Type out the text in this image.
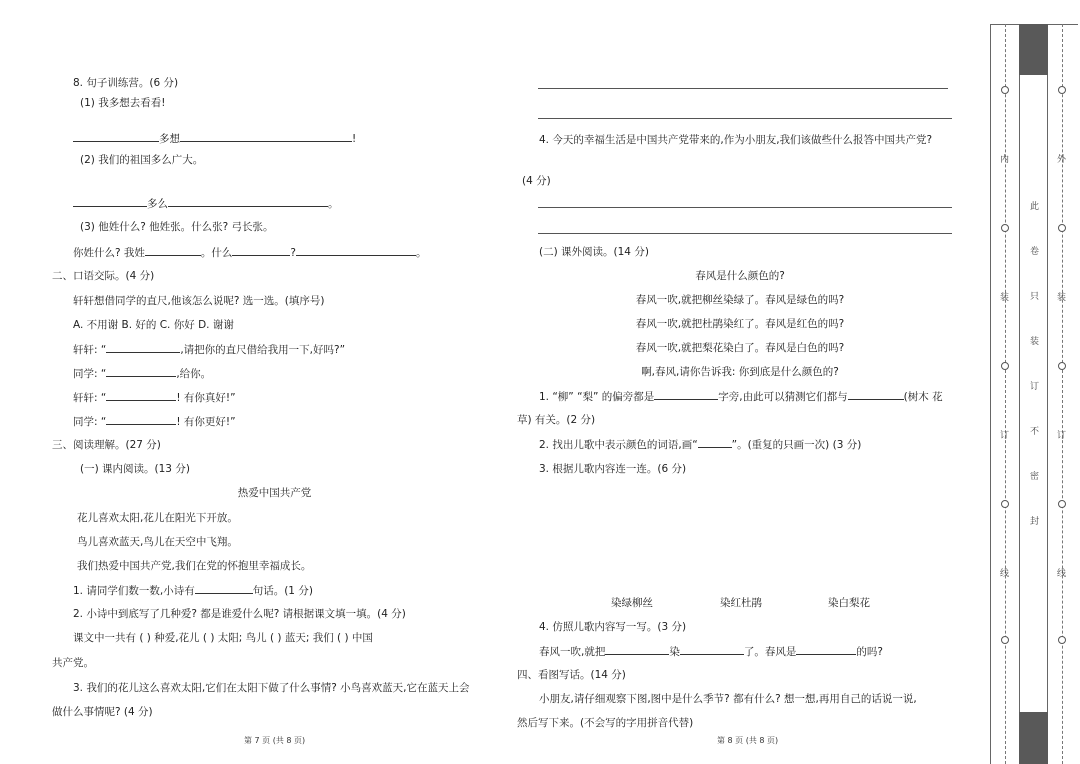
8. 句子训练营。(6 分)
(1) 我多想去看看!
多想	!
(2) 我们的祖国多么广大。
多么	。
(3) 他姓什么? 他姓张。什么张? 弓长张。
你姓什么? 我姓	。什么	?	。
二、口语交际。(4 分)
轩轩想借同学的直尺,他该怎么说呢? 选一选。(填序号)
A. 不用谢 B. 好的 C. 你好 D. 谢谢
轩轩: “	,请把你的直尺借给我用一下,好吗?”
同学: “	,给你。
轩轩: “	! 有你真好!”
同学: “	! 有你更好!”
三、阅读理解。(27 分)
(一) 课内阅读。(13 分)
热爱中国共产党
花儿喜欢太阳,花儿在阳光下开放。
鸟儿喜欢蓝天,鸟儿在天空中飞翔。
我们热爱中国共产党,我们在党的怀抱里幸福成长。
1. 请同学们数一数,小诗有	句话。(1 分)
2. 小诗中到底写了几种爱? 都是谁爱什么呢? 请根据课文填一填。(4 分)
课文中一共有 ( ) 种爱,花儿 ( ) 太阳; 鸟儿 ( ) 蓝天; 我们 ( ) 中国
共产党。
3. 我们的花儿这么喜欢太阳,它们在太阳下做了什么事情? 小鸟喜欢蓝天,它在蓝天上会
做什么事情呢? (4 分)
第 7 页 (共 8 页)
4. 今天的幸福生活是中国共产党带来的,作为小朋友,我们该做些什么报答中国共产党?
(4 分)
(二) 课外阅读。(14 分)
春风是什么颜色的?
春风一吹,就把柳丝染绿了。春风是绿色的吗?
春风一吹,就把杜鹃染红了。春风是红色的吗?
春风一吹,就把梨花染白了。春风是白色的吗?
啊,春风,请你告诉我: 你到底是什么颜色的?
1. “柳” “梨” 的偏旁都是	字旁,由此可以猜测它们都与	(树木 花
草) 有关。(2 分)
2. 找出儿歌中表示颜色的词语,画“	”。(重复的只画一次) (3 分)
3. 根据儿歌内容连一连。(6 分)
染绿柳丝	染红杜鹃	染白梨花
4. 仿照儿歌内容写一写。(3 分)
春风一吹,就把	染	了。春风是	的吗?
四、看图写话。(14 分)
小朋友,请仔细观察下图,图中是什么季节? 都有什么? 想一想,再用自己的话说一说,
然后写下来。(不会写的字用拼音代替)
第 8 页 (共 8 页)
内
装
订
线
此
卷
只
装
订
不
密
封
外
装
订
线
